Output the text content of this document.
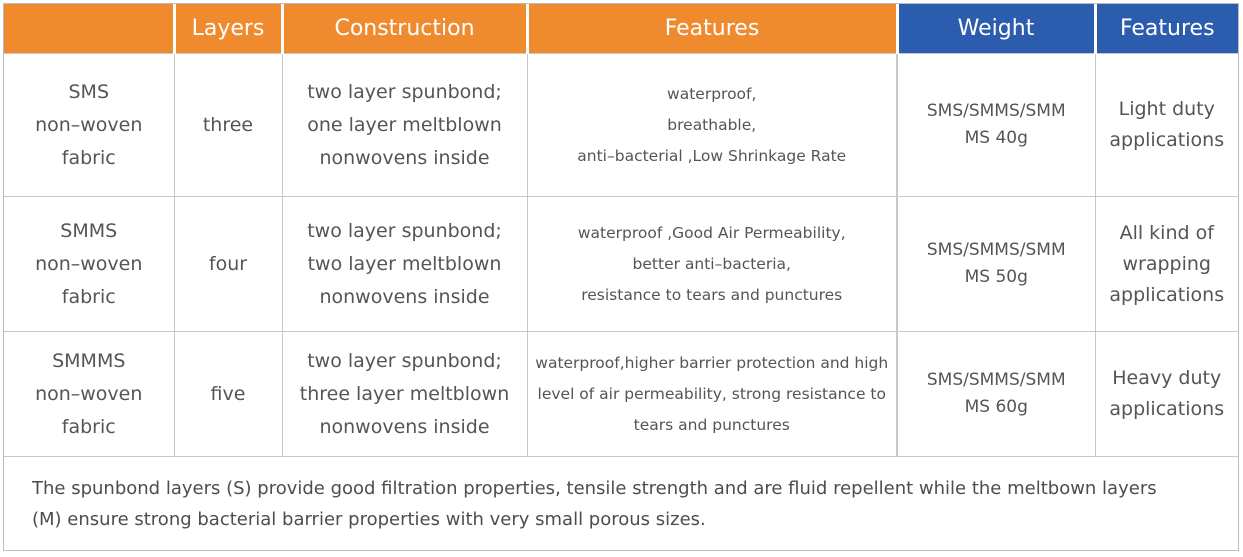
	Layers	Construction	Features	Weight	Features

SMS
non–woven
fabric	three	two layer spunbond;
one layer meltblown
nonwovens inside	waterproof,
breathable,
anti–bacterial ,Low Shrinkage Rate	SMS/SMMS/SMM
MS 40g	Light duty
applications

SMMS
non–woven
fabric	four	two layer spunbond;
two layer meltblown
nonwovens inside	waterproof ,Good Air Permeability,
better anti–bacteria,
resistance to tears and punctures	SMS/SMMS/SMM
MS 50g	All kind of
wrapping
applications

SMMMS
non–woven
fabric	five	two layer spunbond;
three layer meltblown
nonwovens inside	waterproof,higher barrier protection and high
level of air permeability, strong resistance to
tears and punctures	SMS/SMMS/SMM
MS 60g	Heavy duty
applications

The spunbond layers (S) provide good filtration properties, tensile strength and are fluid repellent while the meltbown layers
(M) ensure strong bacterial barrier properties with very small porous sizes.					
